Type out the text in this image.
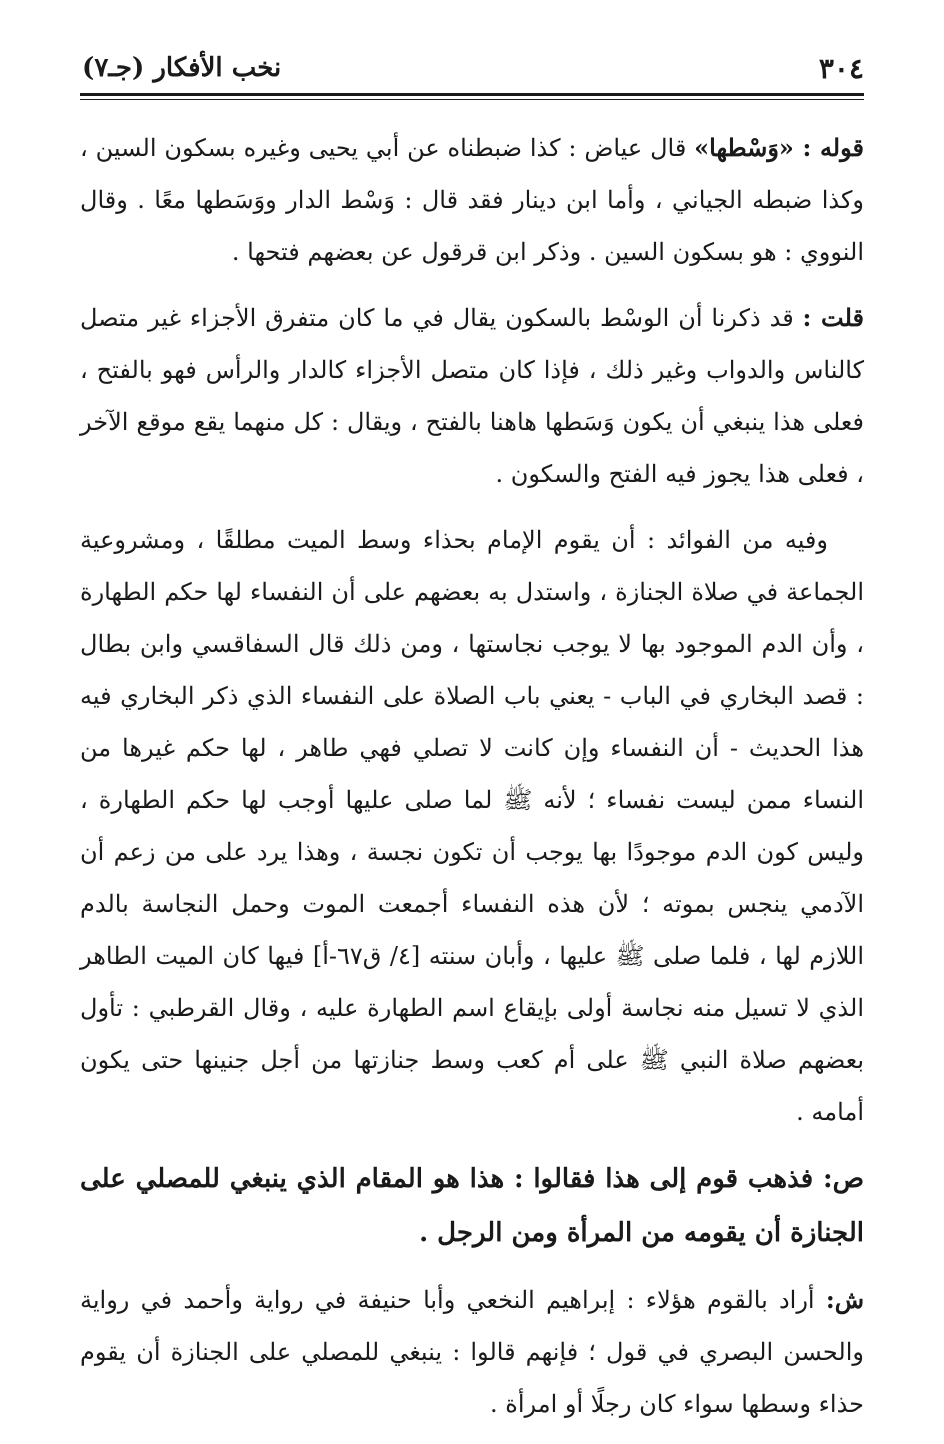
٣٠٤
نخب الأفكار (جـ٧)

قوله : «وَسْطها» قال عياض : كذا ضبطناه عن أبي يحيى وغيره بسكون السين ، وكذا ضبطه الجياني ، وأما ابن دينار فقد قال : وَسْط الدار ووَسَطها معًا . وقال النووي : هو بسكون السين . وذكر ابن قرقول عن بعضهم فتحها .

قلت : قد ذكرنا أن الوسْط بالسكون يقال في ما كان متفرق الأجزاء غير متصل كالناس والدواب وغير ذلك ، فإذا كان متصل الأجزاء كالدار والرأس فهو بالفتح ، فعلى هذا ينبغي أن يكون وَسَطها هاهنا بالفتح ، ويقال : كل منهما يقع موقع الآخر ، فعلى هذا يجوز فيه الفتح والسكون .

وفيه من الفوائد : أن يقوم الإمام بحذاء وسط الميت مطلقًا ، ومشروعية الجماعة في صلاة الجنازة ، واستدل به بعضهم على أن النفساء لها حكم الطهارة ، وأن الدم الموجود بها لا يوجب نجاستها ، ومن ذلك قال السفاقسي وابن بطال : قصد البخاري في الباب - يعني باب الصلاة على النفساء الذي ذكر البخاري فيه هذا الحديث - أن النفساء وإن كانت لا تصلي فهي طاهر ، لها حكم غيرها من النساء ممن ليست نفساء ؛ لأنه ﷺ لما صلى عليها أوجب لها حكم الطهارة ، وليس كون الدم موجودًا بها يوجب أن تكون نجسة ، وهذا يرد على من زعم أن الآدمي ينجس بموته ؛ لأن هذه النفساء أجمعت الموت وحمل النجاسة بالدم اللازم لها ، فلما صلى ﷺ عليها ، وأبان سنته [٤/ ق٦٧-أ] فيها كان الميت الطاهر الذي لا تسيل منه نجاسة أولى بإيقاع اسم الطهارة عليه ، وقال القرطبي : تأول بعضهم صلاة النبي ﷺ على أم كعب وسط جنازتها من أجل جنينها حتى يكون أمامه .

ص: فذهب قوم إلى هذا فقالوا : هذا هو المقام الذي ينبغي للمصلي على الجنازة أن يقومه من المرأة ومن الرجل .

ش: أراد بالقوم هؤلاء : إبراهيم النخعي وأبا حنيفة في رواية وأحمد في رواية والحسن البصري في قول ؛ فإنهم قالوا : ينبغي للمصلي على الجنازة أن يقوم حذاء وسطها سواء كان رجلًا أو امرأة .
